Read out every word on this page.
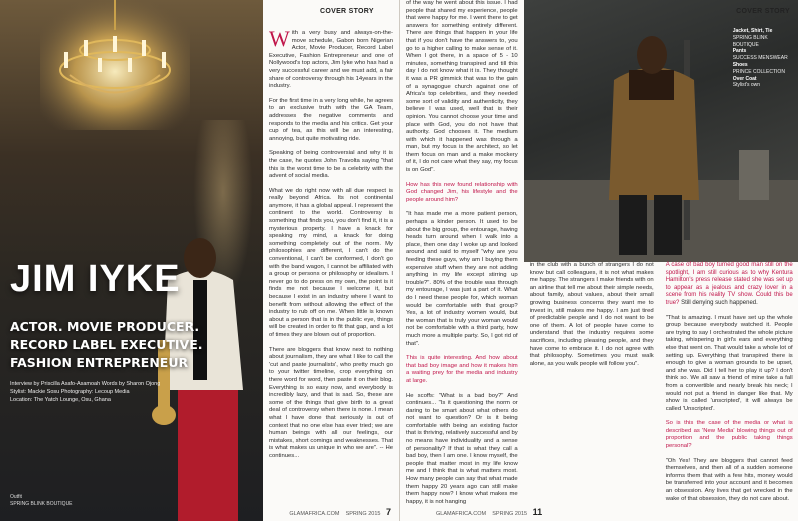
JIM IYKE
ACTOR. MOVIE PRODUCER.
RECORD LABEL EXECUTIVE.
FASHION ENTREPRENEUR
Interview by Priscilla Asafo-Asamoah Words by Sharon Ojong
Stylist: Mackie Sosu Photography: Lecoup Media
Location: The Yatch Lounge, Osu, Ghana
Outfit
SPRING BLINK BOUTIQUE

With a very busy and always-on-the-move schedule, Gabon born Nigerian Actor, Movie Producer, Record Label Executive, Fashion Entrepreneur and one of Nollywood's top actors, Jim Iyke who has had a very successful career and we must add, a fair share of controversy through his 14years in the industry.

For the first time in a very long while, he agrees to an exclusive truth with the GA Team, addresses the negative comments and responds to the media and his critics. Get your cup of tea, as this will be an interesting, annoying, but quite motivating ride.

Speaking of being controversial and why it is the case, he quotes John Travolta saying "that this is the worst time to be a celebrity with the advent of social media.

What we do right now with all due respect is really beyond Africa. Its not continental anymore, it has a global appeal. I represent the continent to the world. Controversy is something that finds you, you don't find it, it is a mysterious property. I have a knack for speaking my mind, a knack for doing something completely out of the norm. My philosophies are different, I can't do the conventional, I can't be conformed, I don't go with the band wagon, I cannot be affiliated with a group or persons or philosophy or idealism. I never go to do press on my own, the point is it finds me not because I welcome it, but because I exist in an industry where I want to benefit from without allowing the effect of the industry to rub off on me. When little is known about a person that is in the public eye, things will be created in order to fit that gap, and a lot of times they are blown out of proportion.

There are bloggers that know next to nothing about journalism, they are what I like to call the 'cut and paste journalists', who pretty much go to your twitter timeline, crop everything on there word for word, then paste it on their blog. Everything is so easy now, and everybody is incredibly lazy, and that is sad. So, these are some of the things that give birth to a great deal of controversy when there is none. I mean what I have done that seriously is out of context that no one else has ever tried; we are human beings with all our feelings, our mistakes, short comings and weaknesses. That is what makes us unique in who we are". -- He continues...

COVER STORY
GLAMAFRICA.COM SPRING 2015 7

of the way he went about this issue. I had people that shared my experience, people that were happy for me. I went there to get answers for something entirely different. There are things that happen in your life that if you don't have the answers to, you go to a higher calling to make sense of it. When I got there, in a space of 5 - 10 minutes, something transpired and till this day I do not know what it is. They thought it was a PR gimmick that was to the gain of a synagogue church against one of Africa's top celebrities, and they needed some sort of validity and authenticity, they believe I was used, well that is their opinion. You cannot choose your time and place with God, you do not have that authority. God chooses it. The medium with which it happened was through a man, but my focus is the architect, so let them focus on man and a make mockery of it, I do not care what they say, my focus is on God".

How has this new found relationship with God changed Jim, his lifestyle and the people around him?

"It has made me a more patient person, perhaps a kinder person. It used to be about the big group, the entourage, having heads turn around when I walk into a place, then one day I woke up and looked around and said to myself "why are you feeding these guys, why am I buying them expensive stuff when they are not adding anything in my life except stirring up trouble?". 80% of the trouble was through my entourage, I was just a part of it. What do I need these people for, which woman would be comfortable with that group? Yes, a lot of industry women would, but the woman that is truly your woman would not be comfortable with a third party, how much more a multiple party. So, I got rid of that".

This is quite interesting. And how about that bad boy image and how it makes him a waiting prey for the media and industry at large.

He scoffs: "What is a bad boy?" And continues... "Is it questioning the norm or daring to be smart about what others do not want to question? Or is it being comfortable with being an existing factor that is thriving, relatively successful and by no means have individuality and a sense of personality? If that is what they call a bad boy, then I am one. I know myself, the people that matter most in my life know me and I think that is what matters most. How many people can say that what made them happy 20 years ago can still make them happy now? I know what makes me happy, it is not hanging

Jacket, Shirt, Tie
SPRING BLINK BOUTIQUE
Pants
SUCCESS MENSWEAR
Shoes
PRINCE COLLECTION
Over Coat
Stylist's own

in the club with a bunch of strangers I do not know but call colleagues, it is not what makes me happy. The strangers I make friends with on an airline that tell me about their simple needs, about family, about values, about their small growing business concerns they want me to invest in, still makes me happy. I am just tired of predictable people and I do not want to be one of them. A lot of people have come to understand that the industry requires some sacrifices, including pleasing people, and they have come to embrace it. I do not agree with that philosophy. Sometimes you must walk alone, as you walk people will follow you".

A case of bad boy turned good man still on the spotlight, I am still curious as to why Kentura Hamilton's press release stated she was set up to appear as a jealous and crazy lover in a scene from his reality TV show. Could this be true? Still denying such happened.

"That is amazing. I must have set up the whole group because everybody watched it. People are trying to say I orchestrated the whole picture taking, whispering in girl's ears and everything else that went on. That would take a whole lot of setting up. Everything that transpired there is enough to give a woman grounds to be upset, and she was. Did I tell her to play it up? I don't think so. We all saw a friend of mine take a fall from a convertible and nearly break his neck; I would not put a friend in danger like that. My show is called 'unscripted', it will always be called 'Unscripted'.

So is this the case of the media or what is described as 'New Media' blowing things out of proportion and the public taking things personal?

"Oh Yes! They are bloggers that cannot feed themselves, and then all of a sudden someone informs them that with a few hits, money would be transferred into your account and it becomes an obsession. Any lives that get wrecked in the wake of that obsession, they do not care about.

COVER STORY
GLAMAFRICA.COM SPRING 2015 11
